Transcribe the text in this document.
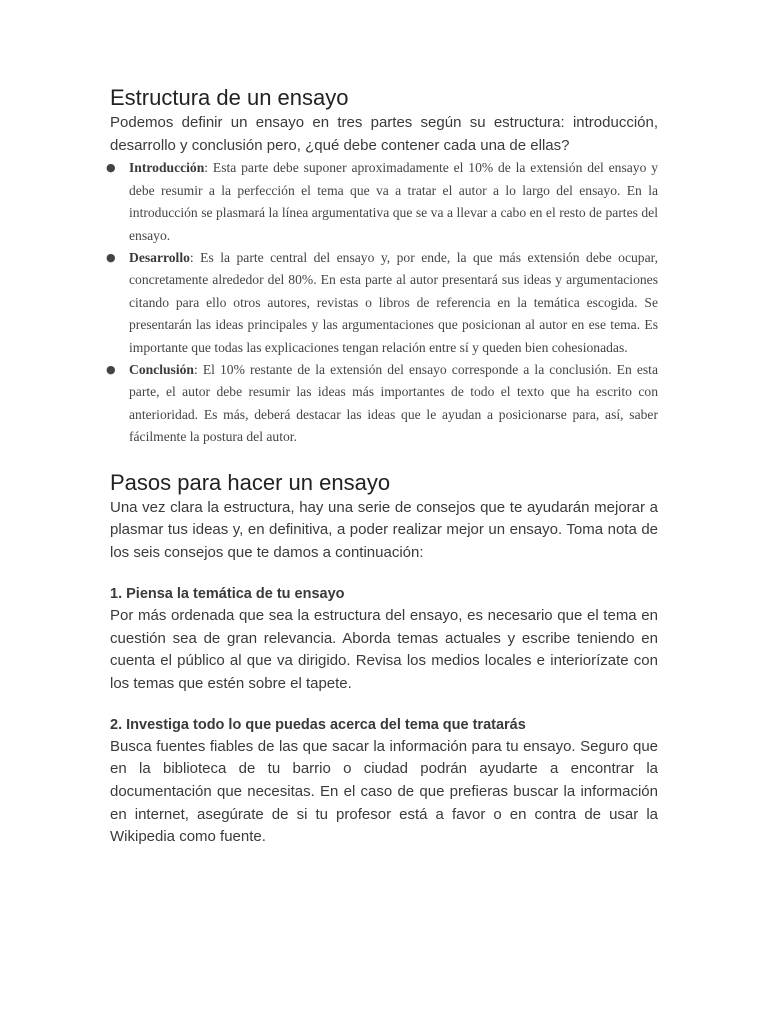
Estructura de un ensayo

Podemos definir un ensayo en tres partes según su estructura: introducción, desarrollo y conclusión pero, ¿qué debe contener cada una de ellas?

● Introducción: Esta parte debe suponer aproximadamente el 10% de la extensión del ensayo y debe resumir a la perfección el tema que va a tratar el autor a lo largo del ensayo. En la introducción se plasmará la línea argumentativa que se va a llevar a cabo en el resto de partes del ensayo.
● Desarrollo: Es la parte central del ensayo y, por ende, la que más extensión debe ocupar, concretamente alrededor del 80%. En esta parte al autor presentará sus ideas y argumentaciones citando para ello otros autores, revistas o libros de referencia en la temática escogida. Se presentarán las ideas principales y las argumentaciones que posicionan al autor en ese tema. Es importante que todas las explicaciones tengan relación entre sí y queden bien cohesionadas.
● Conclusión: El 10% restante de la extensión del ensayo corresponde a la conclusión. En esta parte, el autor debe resumir las ideas más importantes de todo el texto que ha escrito con anterioridad. Es más, deberá destacar las ideas que le ayudan a posicionarse para, así, saber fácilmente la postura del autor.
Pasos para hacer un ensayo

Una vez clara la estructura, hay una serie de consejos que te ayudarán mejorar a plasmar tus ideas y, en definitiva, a poder realizar mejor un ensayo. Toma nota de los seis consejos que te damos a continuación:

1. Piensa la temática de tu ensayo

Por más ordenada que sea la estructura del ensayo, es necesario que el tema en cuestión sea de gran relevancia. Aborda temas actuales y escribe teniendo en cuenta el público al que va dirigido. Revisa los medios locales e interiorízate con los temas que estén sobre el tapete.

2. Investiga todo lo que puedas acerca del tema que tratarás

Busca fuentes fiables de las que sacar la información para tu ensayo. Seguro que en la biblioteca de tu barrio o ciudad podrán ayudarte a encontrar la documentación que necesitas. En el caso de que prefieras buscar la información en internet, asegúrate de si tu profesor está a favor o en contra de usar la Wikipedia como fuente.
